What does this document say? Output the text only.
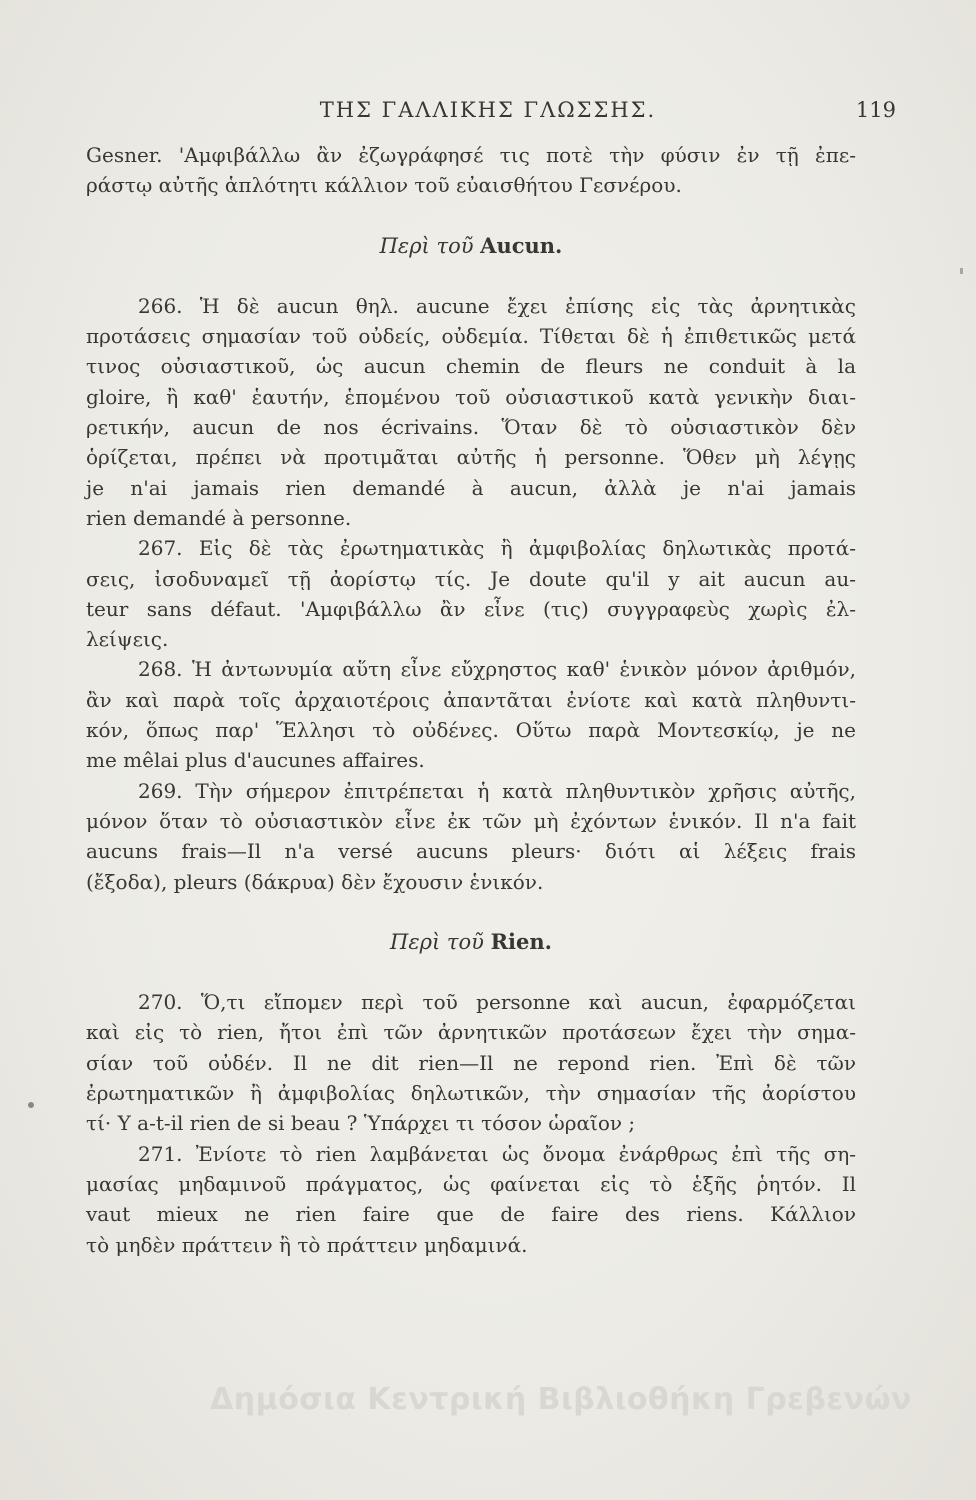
ΤΗΣ ΓΑΛΛΙΚΗΣ ΓΛΩΣΣΗΣ.	119
Gesner. 'Αμφιβάλλω ἂν ἐζωγράφησέ τις ποτὲ τὴν φύσιν ἐν τῇ ἐπε-
ράστῳ αὐτῆς ἁπλότητι κάλλιον τοῦ εὐαισθήτου Γεσνέρου.
Περὶ τοῦ Aucun.
266. Ἡ δὲ aucun θηλ. aucune ἔχει ἐπίσης εἰς τὰς ἀρνητικὰς
προτάσεις σημασίαν τοῦ οὐδείς, οὐδεμία. Τίθεται δὲ ἡ ἐπιθετικῶς μετά
τινος οὐσιαστικοῦ, ὡς aucun chemin de fleurs ne conduit à la
gloire, ἢ καθ' ἑαυτήν, ἑπομένου τοῦ οὐσιαστικοῦ κατὰ γενικὴν διαι-
ρετικήν, aucun de nos écrivains. Ὅταν δὲ τὸ οὐσιαστικὸν δὲν
ὁρίζεται, πρέπει νὰ προτιμᾶται αὐτῆς ἡ personne. Ὅθεν μὴ λέγῃς
je n'ai jamais rien demandé à aucun, ἀλλὰ je n'ai jamais
rien demandé à personne.
267. Εἰς δὲ τὰς ἐρωτηματικὰς ἢ ἀμφιβολίας δηλωτικὰς προτά-
σεις, ἰσοδυναμεῖ τῇ ἀορίστῳ τίς. Je doute qu'il y ait aucun au-
teur sans défaut. 'Αμφιβάλλω ἂν εἶνε (τις) συγγραφεὺς χωρὶς ἐλ-
λείψεις.
268. Ἡ ἀντωνυμία αὕτη εἶνε εὔχρηστος καθ' ἑνικὸν μόνον ἀριθμόν,
ἂν καὶ παρὰ τοῖς ἀρχαιοτέροις ἀπαντᾶται ἐνίοτε καὶ κατὰ πληθυντι-
κόν, ὅπως παρ' Ἕλλησι τὸ οὐδένες. Οὕτω παρὰ Μοντεσκίῳ, je ne
me mêlai plus d'aucunes affaires.
269. Τὴν σήμερον ἐπιτρέπεται ἡ κατὰ πληθυντικὸν χρῆσις αὐτῆς,
μόνον ὅταν τὸ οὐσιαστικὸν εἶνε ἐκ τῶν μὴ ἐχόντων ἑνικόν. Il n'a fait
aucuns frais—Il n'a versé aucuns pleurs· διότι αἱ λέξεις frais
(ἔξοδα), pleurs (δάκρυα) δὲν ἔχουσιν ἑνικόν.
Περὶ τοῦ Rien.
270. Ὅ,τι εἴπομεν περὶ τοῦ personne καὶ aucun, ἐφαρμόζεται
καὶ εἰς τὸ rien, ἤτοι ἐπὶ τῶν ἀρνητικῶν προτάσεων ἔχει τὴν σημα-
σίαν τοῦ οὐδέν. Il ne dit rien—Il ne repond rien. Ἐπὶ δὲ τῶν
ἐρωτηματικῶν ἢ ἀμφιβολίας δηλωτικῶν, τὴν σημασίαν τῆς ἀορίστου
τί· Y a-t-il rien de si beau ? Ὑπάρχει τι τόσον ὡραῖον ;
271. Ἐνίοτε τὸ rien λαμβάνεται ὡς ὄνομα ἐνάρθρως ἐπὶ τῆς ση-
μασίας μηδαμινοῦ πράγματος, ὡς φαίνεται εἰς τὸ ἑξῆς ῥητόν. Il
vaut mieux ne rien faire que de faire des riens. Κάλλιον
τὸ μηδὲν πράττειν ἢ τὸ πράττειν μηδαμινά.
Δημόσια Κεντρική Βιβλιοθήκη Γρεβενών
